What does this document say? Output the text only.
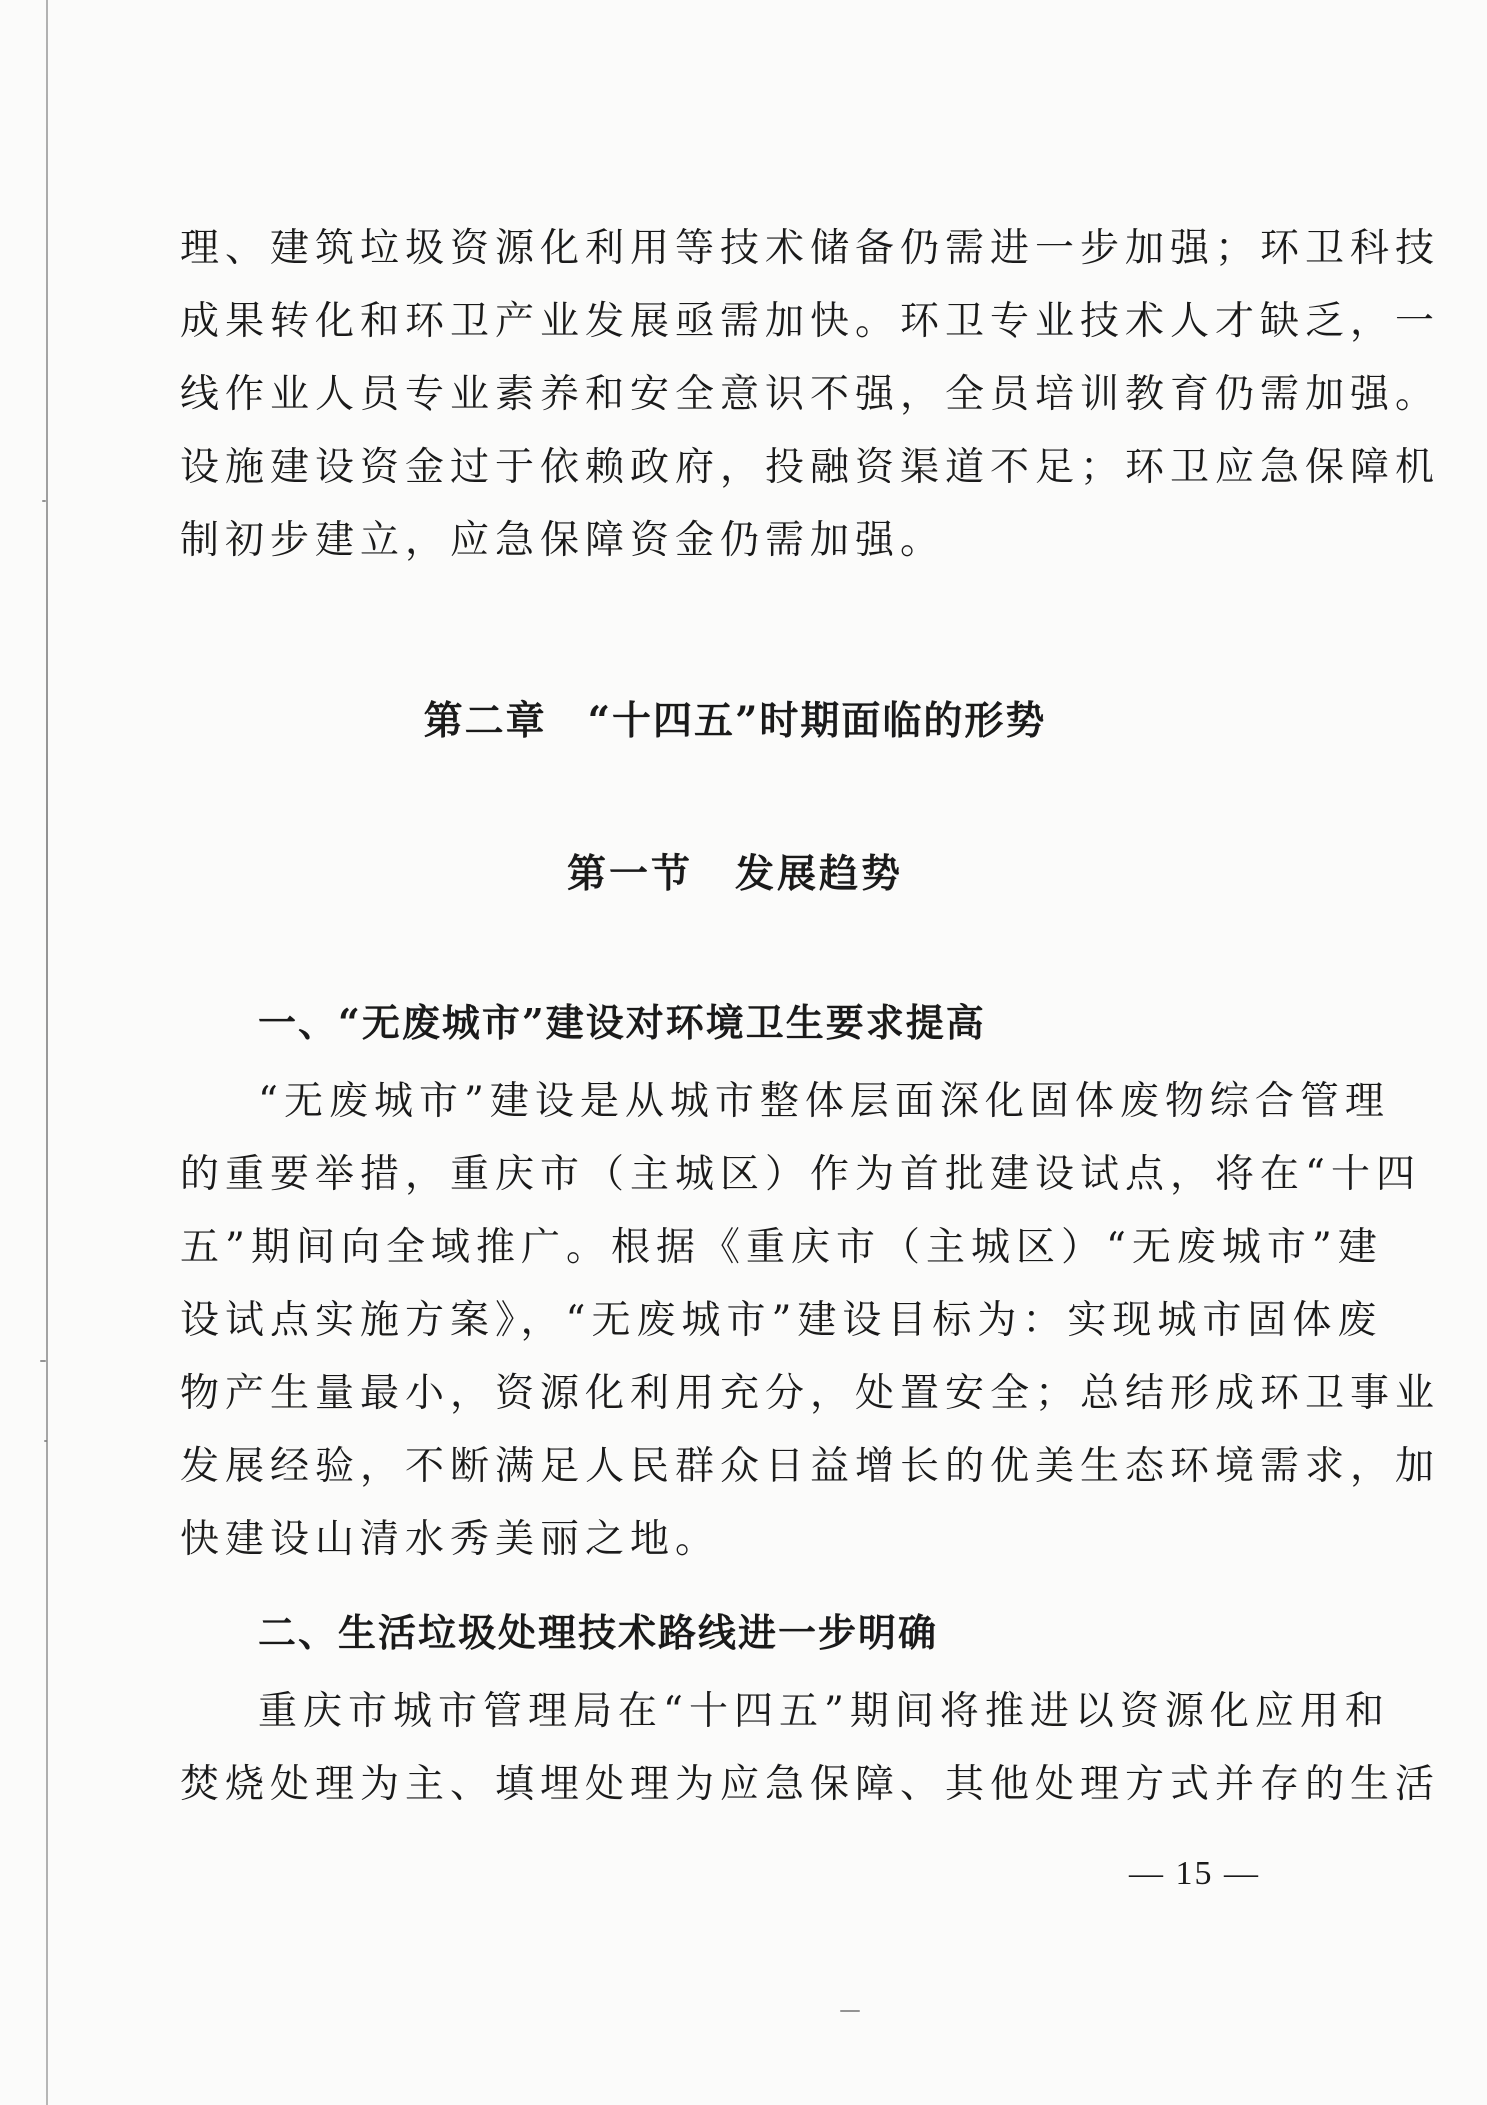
理、建筑垃圾资源化利用等技术储备仍需进一步加强；环卫科技
成果转化和环卫产业发展亟需加快。环卫专业技术人才缺乏，一
线作业人员专业素养和安全意识不强，全员培训教育仍需加强。
设施建设资金过于依赖政府，投融资渠道不足；环卫应急保障机
制初步建立，应急保障资金仍需加强。
第二章　“十四五”时期面临的形势
第一节　发展趋势
一、“无废城市”建设对环境卫生要求提高
“无废城市”建设是从城市整体层面深化固体废物综合管理
的重要举措，重庆市（主城区）作为首批建设试点，将在“十四
五”期间向全域推广。根据《重庆市（主城区）“无废城市”建
设试点实施方案》，“无废城市”建设目标为：实现城市固体废
物产生量最小，资源化利用充分，处置安全；总结形成环卫事业
发展经验，不断满足人民群众日益增长的优美生态环境需求，加
快建设山清水秀美丽之地。
二、生活垃圾处理技术路线进一步明确
重庆市城市管理局在“十四五”期间将推进以资源化应用和
焚烧处理为主、填埋处理为应急保障、其他处理方式并存的生活
— 15 —
